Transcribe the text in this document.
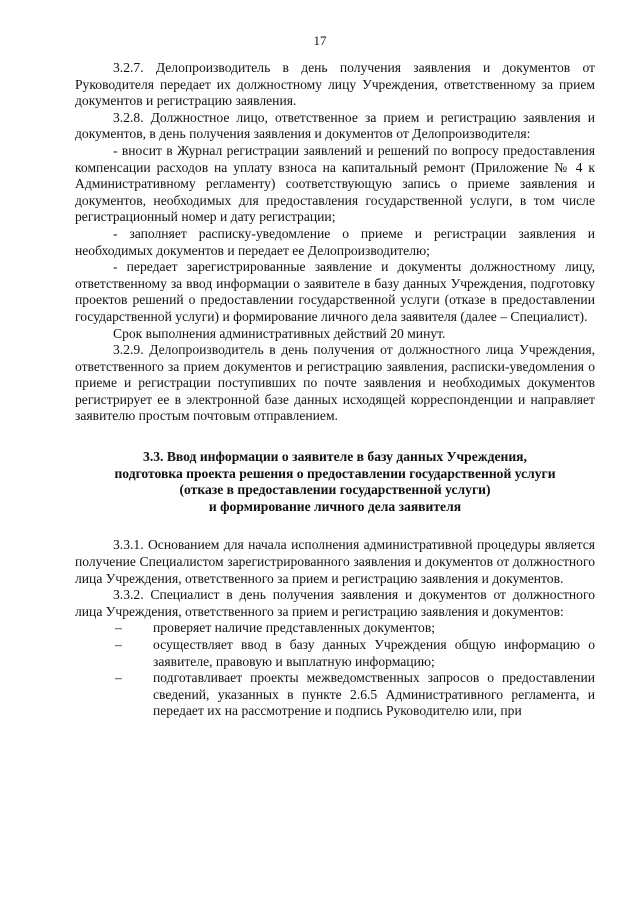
17

3.2.7. Делопроизводитель в день получения заявления и документов от Руководителя передает их должностному лицу Учреждения, ответственному за прием документов и регистрацию заявления.

3.2.8. Должностное лицо, ответственное за прием и регистрацию заявления и документов, в день получения заявления и документов от Делопроизводителя:

- вносит в Журнал регистрации заявлений и решений по вопросу предоставления компенсации расходов на уплату взноса на капитальный ремонт (Приложение № 4 к Административному регламенту) соответствующую запись о приеме заявления и документов, необходимых для предоставления государственной услуги, в том числе регистрационный номер и дату регистрации;

- заполняет расписку-уведомление о приеме и регистрации заявления и необходимых документов и передает ее Делопроизводителю;

- передает зарегистрированные заявление и документы должностному лицу, ответственному за ввод информации о заявителе в базу данных Учреждения, подготовку проектов решений о предоставлении государственной услуги (отказе в предоставлении государственной услуги) и формирование личного дела заявителя (далее – Специалист).

Срок выполнения административных действий 20 минут.

3.2.9. Делопроизводитель в день получения от должностного лица Учреждения, ответственного за прием документов и регистрацию заявления, расписки-уведомления о приеме и регистрации поступивших по почте заявления и необходимых документов регистрирует ее в электронной базе данных исходящей корреспонденции и направляет заявителю простым почтовым отправлением.

3.3. Ввод информации о заявителе в базу данных Учреждения,
подготовка проекта решения о предоставлении государственной услуги
(отказе в предоставлении государственной услуги)
и формирование личного дела заявителя

3.3.1. Основанием для начала исполнения административной процедуры является получение Специалистом зарегистрированного заявления и документов от должностного лица Учреждения, ответственного за прием и регистрацию заявления и документов.

3.3.2. Специалист в день получения заявления и документов от должностного лица Учреждения, ответственного за прием и регистрацию заявления и документов:

–	проверяет наличие представленных документов;

–	осуществляет ввод в базу данных Учреждения общую информацию о заявителе, правовую и выплатную информацию;

–	подготавливает проекты межведомственных запросов о предоставлении сведений, указанных в пункте 2.6.5 Административного регламента, и передает их на рассмотрение и подпись Руководителю или, при
